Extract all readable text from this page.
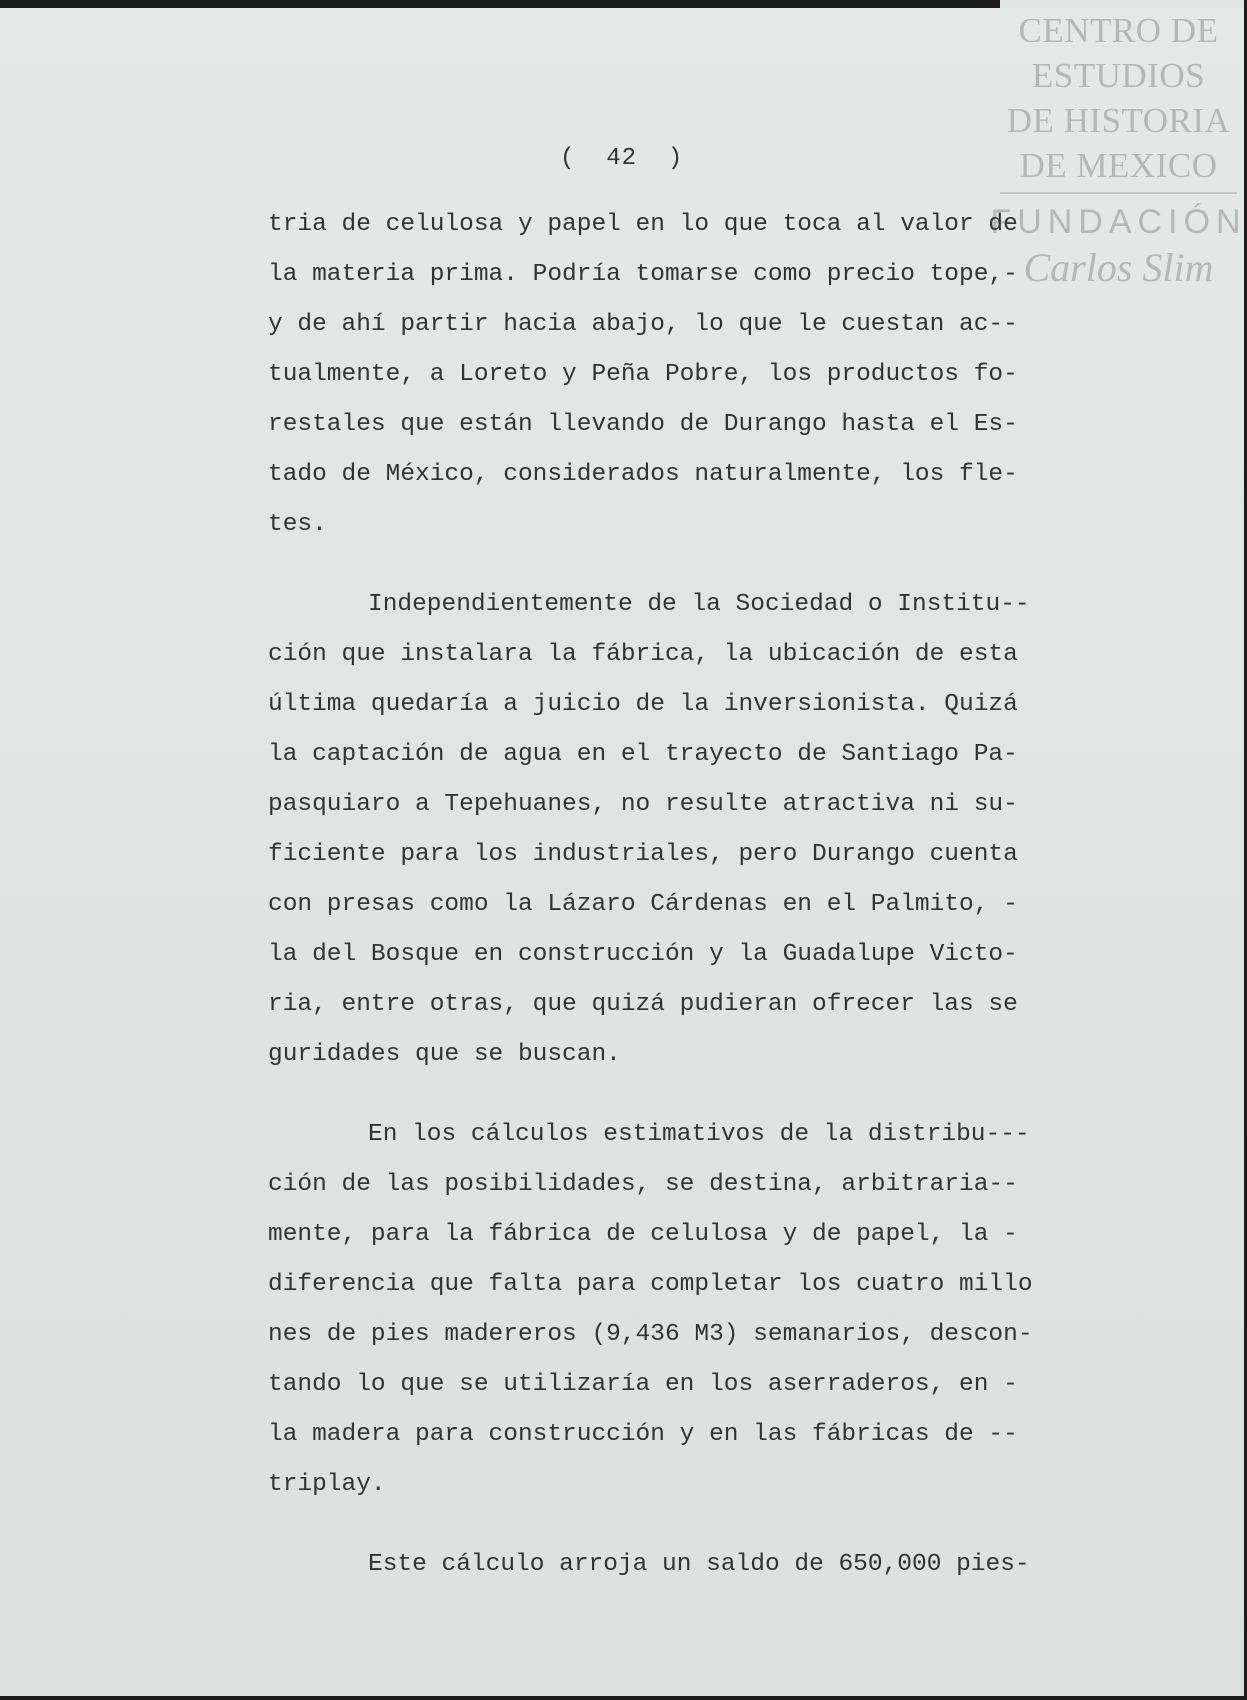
CENTRO DE
ESTUDIOS
DE HISTORIA
DE MEXICO
FUNDACIÓN
Carlos Slim
(  42  )
tria de celulosa y papel en lo que toca al valor de
la materia prima. Podría tomarse como precio tope,-
y de ahí partir hacia abajo, lo que le cuestan ac--
tualmente, a Loreto y Peña Pobre, los productos fo-
restales que están llevando de Durango hasta el Es-
tado de México, considerados naturalmente, los fle-
tes.
Independientemente de la Sociedad o Institu--
ción que instalara la fábrica, la ubicación de esta
última quedaría a juicio de la inversionista. Quizá
la captación de agua en el trayecto de Santiago Pa-
pasquiaro a Tepehuanes, no resulte atractiva ni su-
ficiente para los industriales, pero Durango cuenta
con presas como la Lázaro Cárdenas en el Palmito, -
la del Bosque en construcción y la Guadalupe Victo-
ria, entre otras, que quizá pudieran ofrecer las se
guridades que se buscan.
En los cálculos estimativos de la distribu---
ción de las posibilidades, se destina, arbitraria--
mente, para la fábrica de celulosa y de papel, la -
diferencia que falta para completar los cuatro millo
nes de pies madereros (9,436 M3) semanarios, descon-
tando lo que se utilizaría en los aserraderos, en -
la madera para construcción y en las fábricas de --
triplay.
Este cálculo arroja un saldo de 650,000 pies-
